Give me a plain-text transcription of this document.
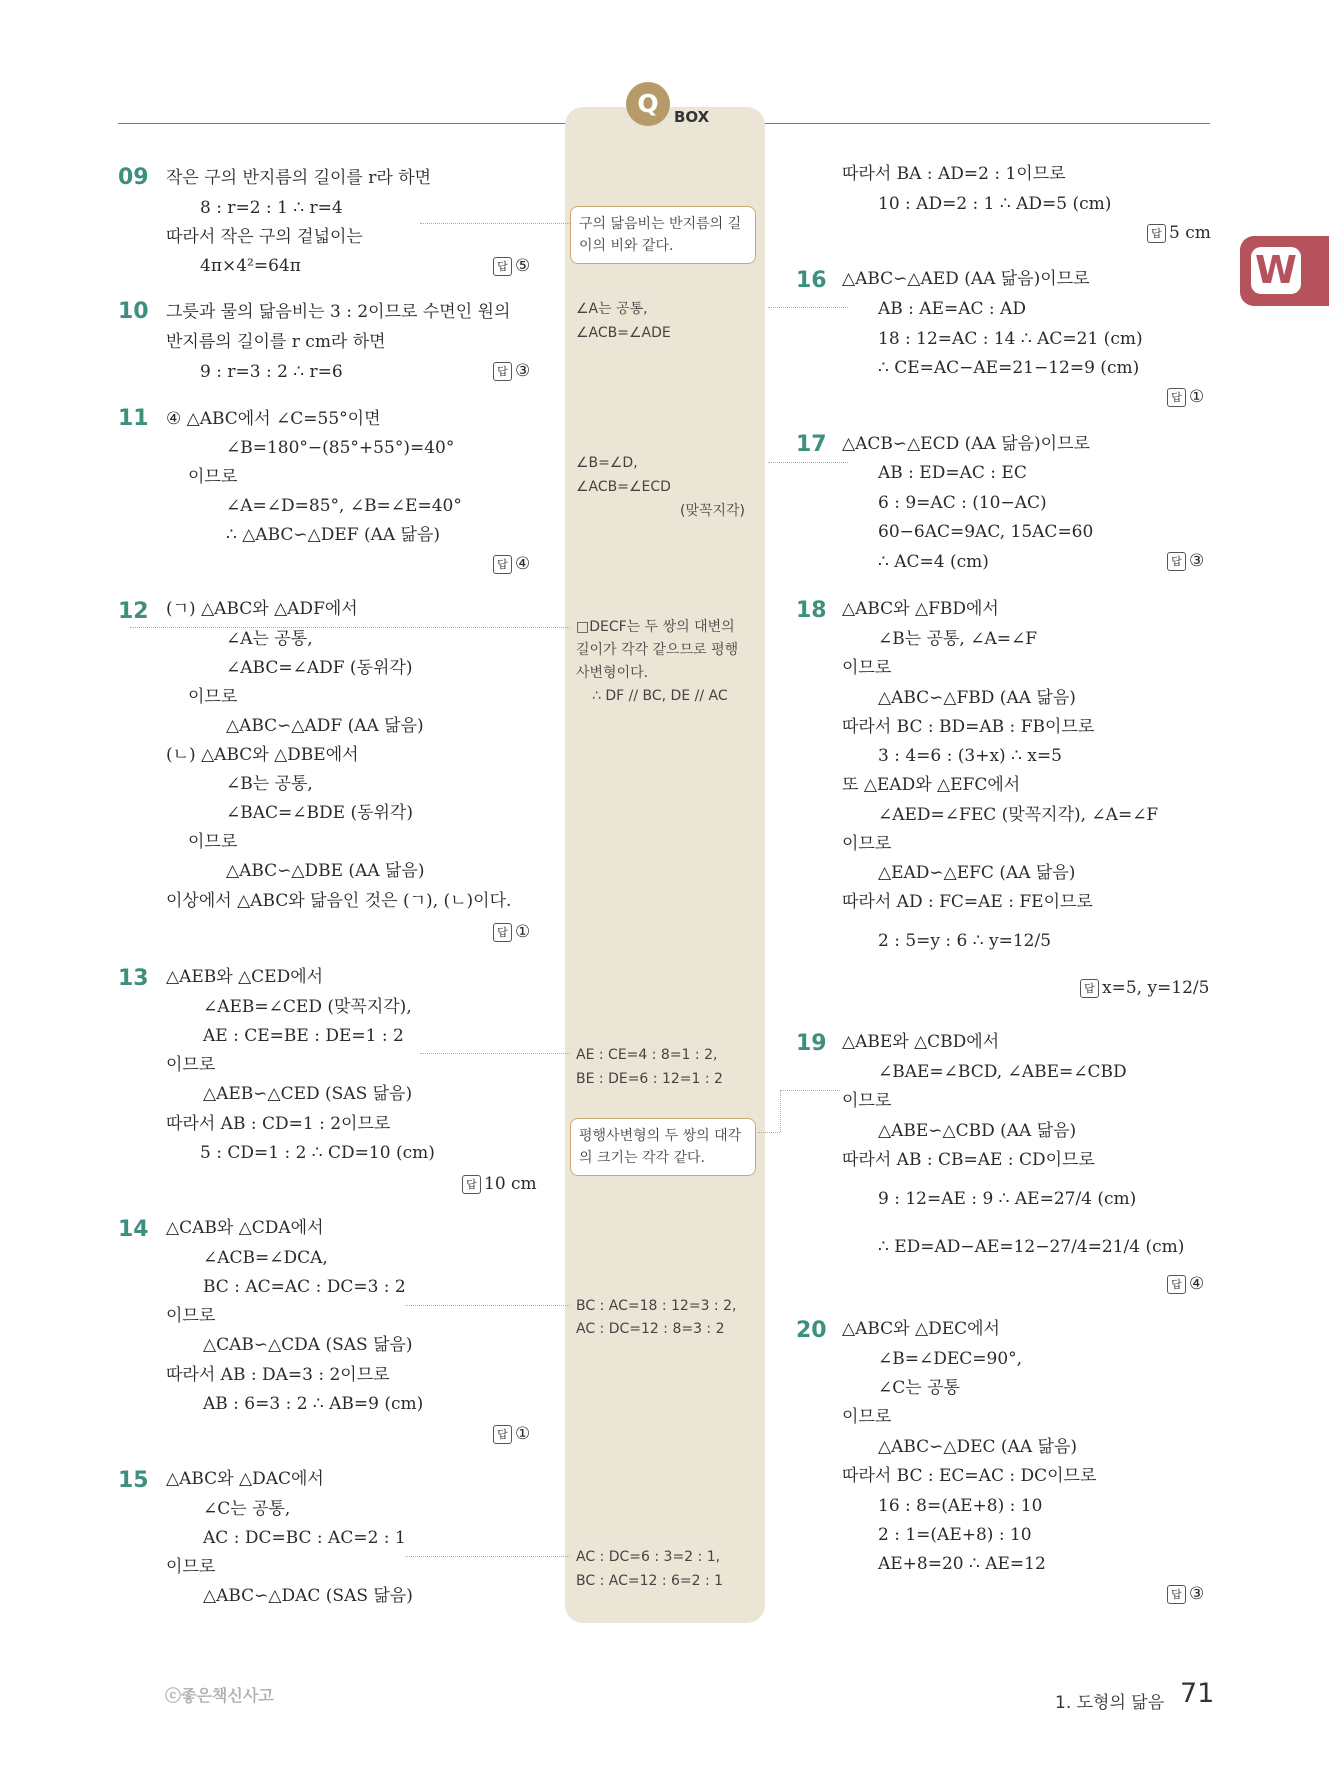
Q	BOX
W
09 작은 구의 반지름의 길이를 r라 하면
8 : r=2 : 1 ∴ r=4
따라서 작은 구의 겉넓이는
4π×4²=64π	답 ⑤
10 그릇과 물의 닮음비는 3 : 2이므로 수면인 원의
반지름의 길이를 r cm라 하면
9 : r=3 : 2 ∴ r=6	답 ③
11 ④ △ABC에서 ∠C=55°이면
∠B=180°−(85°+55°)=40°
이므로
∠A=∠D=85°, ∠B=∠E=40°
∴ △ABC∽△DEF (AA 닮음)
답 ④
12 (ㄱ) △ABC와 △ADF에서
∠A는 공통,
∠ABC=∠ADF (동위각)
이므로
△ABC∽△ADF (AA 닮음)
(ㄴ) △ABC와 △DBE에서
∠B는 공통,
∠BAC=∠BDE (동위각)
이므로
△ABC∽△DBE (AA 닮음)
이상에서 △ABC와 닮음인 것은 (ㄱ), (ㄴ)이다.
답 ①
13 △AEB와 △CED에서
∠AEB=∠CED (맞꼭지각),
AE : CE=BE : DE=1 : 2
이므로
△AEB∽△CED (SAS 닮음)
따라서 AB : CD=1 : 2이므로
5 : CD=1 : 2 ∴ CD=10 (cm)
답 10 cm
14 △CAB와 △CDA에서
∠ACB=∠DCA,
BC : AC=AC : DC=3 : 2
이므로
△CAB∽△CDA (SAS 닮음)
따라서 AB : DA=3 : 2이므로
AB : 6=3 : 2 ∴ AB=9 (cm)
답 ①
15 △ABC와 △DAC에서
∠C는 공통,
AC : DC=BC : AC=2 : 1
이므로
△ABC∽△DAC (SAS 닮음)
따라서 BA : AD=2 : 1이므로
10 : AD=2 : 1 ∴ AD=5 (cm)
답 5 cm
16 △ABC∽△AED (AA 닮음)이므로
AB : AE=AC : AD
18 : 12=AC : 14 ∴ AC=21 (cm)
∴ CE=AC−AE=21−12=9 (cm)
답 ①
17 △ACB∽△ECD (AA 닮음)이므로
AB : ED=AC : EC
6 : 9=AC : (10−AC)
60−6AC=9AC, 15AC=60
∴ AC=4 (cm)	답 ③
18 △ABC와 △FBD에서
∠B는 공통, ∠A=∠F
이므로
△ABC∽△FBD (AA 닮음)
따라서 BC : BD=AB : FB이므로
3 : 4=6 : (3+x) ∴ x=5
또 △EAD와 △EFC에서
∠AED=∠FEC (맞꼭지각), ∠A=∠F
이므로
△EAD∽△EFC (AA 닮음)
따라서 AD : FC=AE : FE이므로
2 : 5=y : 6 ∴ y=12/5
답 x=5, y=12/5
19 △ABE와 △CBD에서
∠BAE=∠BCD, ∠ABE=∠CBD
이므로
△ABE∽△CBD (AA 닮음)
따라서 AB : CB=AE : CD이므로
9 : 12=AE : 9 ∴ AE=27/4 (cm)
∴ ED=AD−AE=12−27/4=21/4 (cm)
답 ④
20 △ABC와 △DEC에서
∠B=∠DEC=90°,
∠C는 공통
이므로
△ABC∽△DEC (AA 닮음)
따라서 BC : EC=AC : DC이므로
16 : 8=(AE+8) : 10
2 : 1=(AE+8) : 10
AE+8=20 ∴ AE=12
답 ③
구의 닮음비는 반지름의 길이의 비와 같다.
∠A는 공통,
∠ACB=∠ADE
∠B=∠D,
∠ACB=∠ECD
(맞꼭지각)
□DECF는 두 쌍의 대변의
길이가 각각 같으므로 평행
사변형이다.
∴ DF // BC, DE // AC
AE : CE=4 : 8=1 : 2,
BE : DE=6 : 12=1 : 2
평행사변형의 두 쌍의 대각의 크기는 각각 같다.
BC : AC=18 : 12=3 : 2,
AC : DC=12 : 8=3 : 2
AC : DC=6 : 3=2 : 1,
BC : AC=12 : 6=2 : 1
ⓒ좋은책신사고	1. 도형의 닮음 71
